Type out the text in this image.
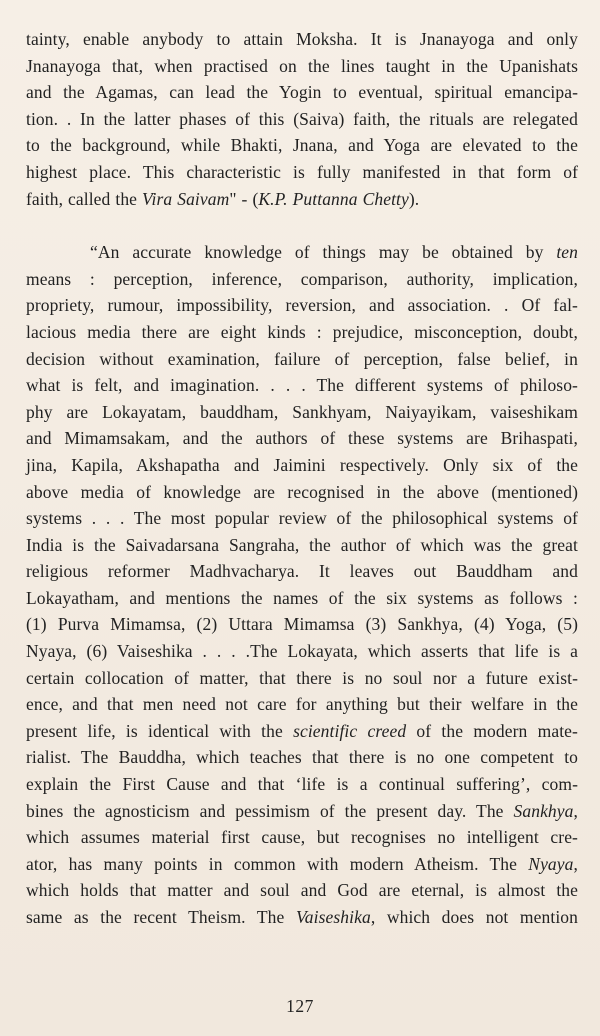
tainty, enable anybody to attain Moksha. It is Jnanayoga and only
Jnanayoga that, when practised on the lines taught in the Upanishats
and the Agamas, can lead the Yogin to eventual, spiritual emancipa-
tion. . In the latter phases of this (Saiva) faith, the rituals are relegated
to the background, while Bhakti, Jnana, and Yoga are elevated to the
highest place. This characteristic is fully manifested in that form of
faith, called the Vira Saivam" - (K.P. Puttanna Chetty).

“An accurate knowledge of things may be obtained by ten
means : perception, inference, comparison, authority, implication,
propriety, rumour, impossibility, reversion, and association. . Of fal-
lacious media there are eight kinds : prejudice, misconception, doubt,
decision without examination, failure of perception, false belief, in
what is felt, and imagination. . . . The different systems of philoso-
phy are Lokayatam, bauddham, Sankhyam, Naiyayikam, vaiseshikam
and Mimamsakam, and the authors of these systems are Brihaspati,
jina, Kapila, Akshapatha and Jaimini respectively. Only six of the
above media of knowledge are recognised in the above (mentioned)
systems . . . The most popular review of the philosophical systems of
India is the Saivadarsana Sangraha, the author of which was the great
religious reformer Madhvacharya. It leaves out Bauddham and
Lokayatham, and mentions the names of the six systems as follows :
(1) Purva Mimamsa, (2) Uttara Mimamsa (3) Sankhya, (4) Yoga, (5)
Nyaya, (6) Vaiseshika . . . .The Lokayata, which asserts that life is a
certain collocation of matter, that there is no soul nor a future exist-
ence, and that men need not care for anything but their welfare in the
present life, is identical with the scientific creed of the modern mate-
rialist. The Bauddha, which teaches that there is no one competent to
explain the First Cause and that ‘life is a continual suffering’, com-
bines the agnosticism and pessimism of the present day. The Sankhya,
which assumes material first cause, but recognises no intelligent cre-
ator, has many points in common with modern Atheism. The Nyaya,
which holds that matter and soul and God are eternal, is almost the
same as the recent Theism. The Vaiseshika, which does not mention

127
